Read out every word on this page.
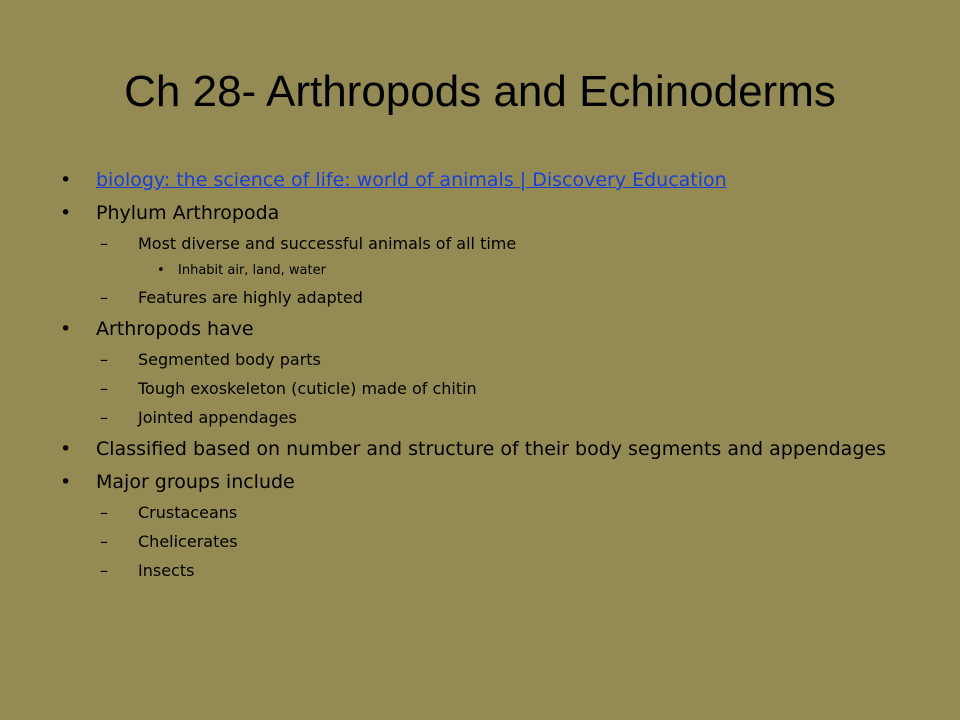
Ch 28- Arthropods and Echinoderms
• biology: the science of life: world of animals | Discovery Education
• Phylum Arthropoda
– Most diverse and successful animals of all time
• Inhabit air, land, water
– Features are highly adapted
• Arthropods have
– Segmented body parts
– Tough exoskeleton (cuticle) made of chitin
– Jointed appendages
• Classified based on number and structure of their body segments and appendages
• Major groups include
– Crustaceans
– Chelicerates
– Insects
